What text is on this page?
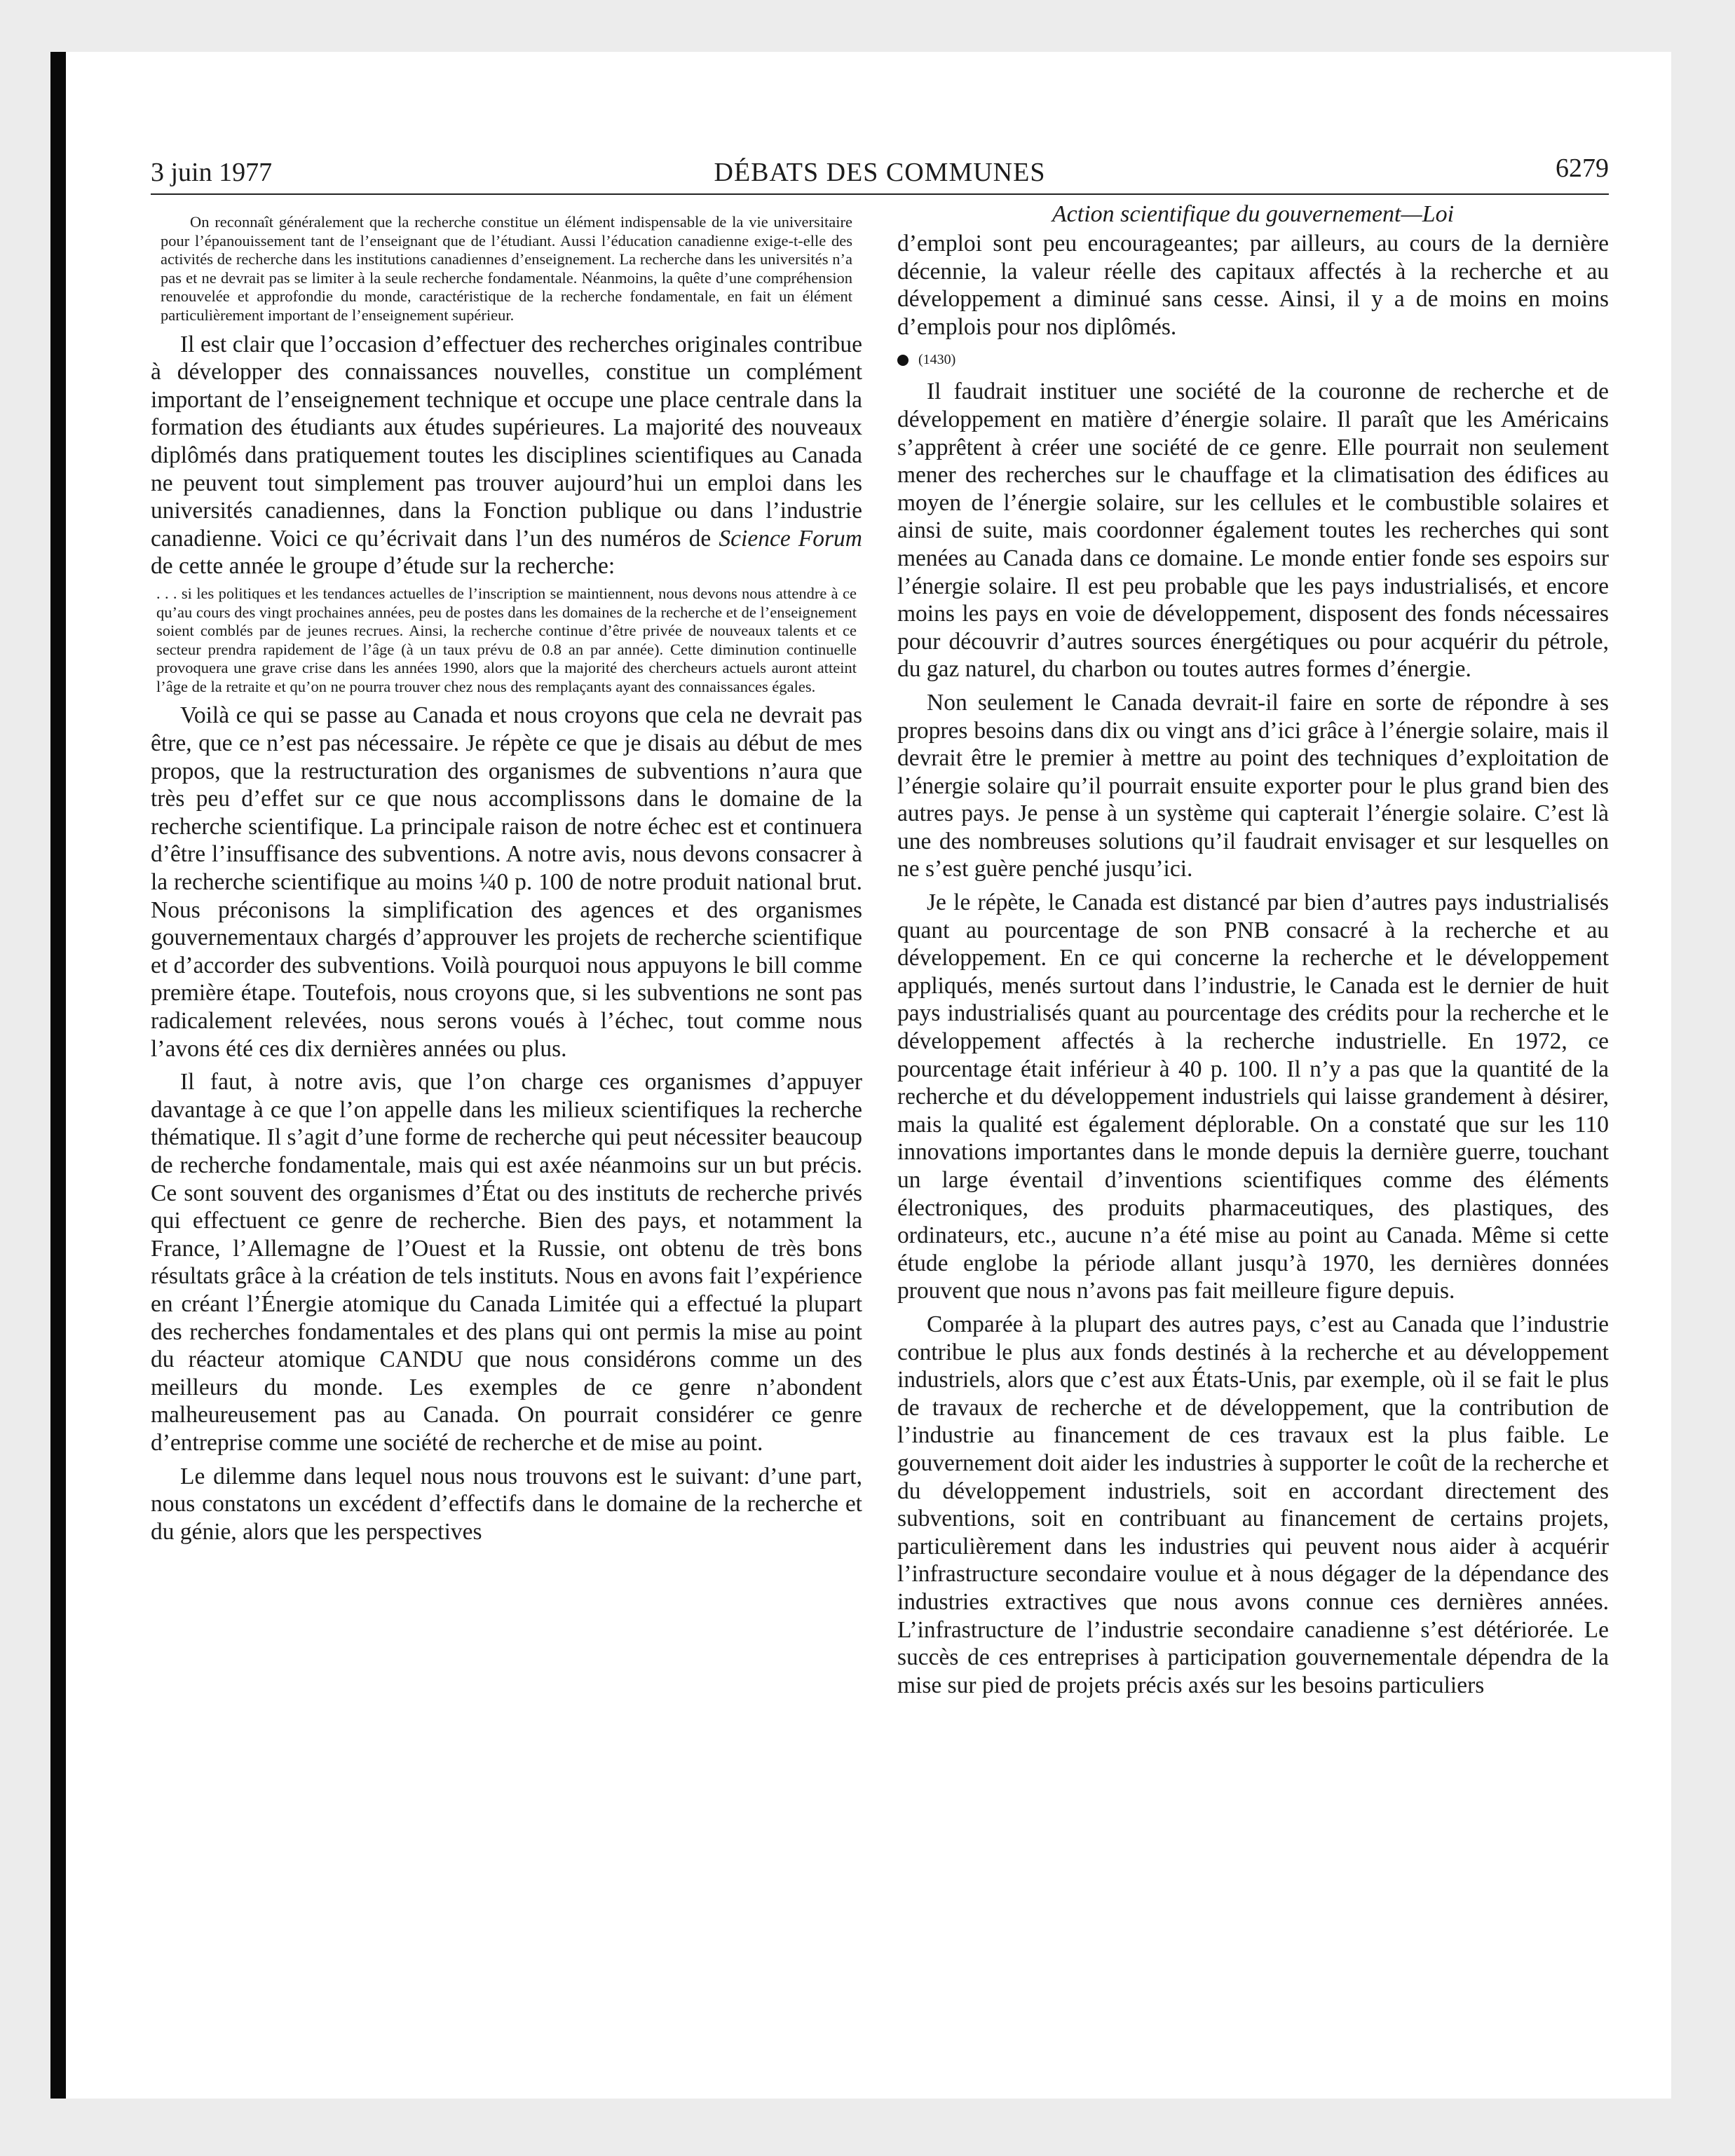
3 juin 1977	DÉBATS DES COMMUNES	6279

On reconnaît généralement que la recherche constitue un élément indispensable de la vie universitaire pour l’épanouissement tant de l’enseignant que de l’étudiant. Aussi l’éducation canadienne exige-t-elle des activités de recherche dans les institutions canadiennes d’enseignement. La recherche dans les universités n’a pas et ne devrait pas se limiter à la seule recherche fondamentale. Néanmoins, la quête d’une compréhension renouvelée et approfondie du monde, caractéristique de la recherche fondamentale, en fait un élément particulièrement important de l’enseignement supérieur.

Il est clair que l’occasion d’effectuer des recherches originales contribue à développer des connaissances nouvelles, constitue un complément important de l’enseignement technique et occupe une place centrale dans la formation des étudiants aux études supérieures. La majorité des nouveaux diplômés dans pratiquement toutes les disciplines scientifiques au Canada ne peuvent tout simplement pas trouver aujourd’hui un emploi dans les universités canadiennes, dans la Fonction publique ou dans l’industrie canadienne. Voici ce qu’écrivait dans l’un des numéros de Science Forum de cette année le groupe d’étude sur la recherche:

. . . si les politiques et les tendances actuelles de l’inscription se maintiennent, nous devons nous attendre à ce qu’au cours des vingt prochaines années, peu de postes dans les domaines de la recherche et de l’enseignement soient comblés par de jeunes recrues. Ainsi, la recherche continue d’être privée de nouveaux talents et ce secteur prendra rapidement de l’âge (à un taux prévu de 0.8 an par année). Cette diminution continuelle provoquera une grave crise dans les années 1990, alors que la majorité des chercheurs actuels auront atteint l’âge de la retraite et qu’on ne pourra trouver chez nous des remplaçants ayant des connaissances égales.

Voilà ce qui se passe au Canada et nous croyons que cela ne devrait pas être, que ce n’est pas nécessaire. Je répète ce que je disais au début de mes propos, que la restructuration des organismes de subventions n’aura que très peu d’effet sur ce que nous accomplissons dans le domaine de la recherche scientifique. La principale raison de notre échec est et continuera d’être l’insuffisance des subventions. A notre avis, nous devons consacrer à la recherche scientifique au moins ¼0 p. 100 de notre produit national brut. Nous préconisons la simplification des agences et des organismes gouvernementaux chargés d’approuver les projets de recherche scientifique et d’accorder des subventions. Voilà pourquoi nous appuyons le bill comme première étape. Toutefois, nous croyons que, si les subventions ne sont pas radicalement relevées, nous serons voués à l’échec, tout comme nous l’avons été ces dix dernières années ou plus.

Il faut, à notre avis, que l’on charge ces organismes d’appuyer davantage à ce que l’on appelle dans les milieux scientifiques la recherche thématique. Il s’agit d’une forme de recherche qui peut nécessiter beaucoup de recherche fondamentale, mais qui est axée néanmoins sur un but précis. Ce sont souvent des organismes d’État ou des instituts de recherche privés qui effectuent ce genre de recherche. Bien des pays, et notamment la France, l’Allemagne de l’Ouest et la Russie, ont obtenu de très bons résultats grâce à la création de tels instituts. Nous en avons fait l’expérience en créant l’Énergie atomique du Canada Limitée qui a effectué la plupart des recherches fondamentales et des plans qui ont permis la mise au point du réacteur atomique CANDU que nous considérons comme un des meilleurs du monde. Les exemples de ce genre n’abondent malheureusement pas au Canada. On pourrait considérer ce genre d’entreprise comme une société de recherche et de mise au point.

Le dilemme dans lequel nous nous trouvons est le suivant: d’une part, nous constatons un excédent d’effectifs dans le domaine de la recherche et du génie, alors que les perspectives

Action scientifique du gouvernement—Loi

d’emploi sont peu encourageantes; par ailleurs, au cours de la dernière décennie, la valeur réelle des capitaux affectés à la recherche et au développement a diminué sans cesse. Ainsi, il y a de moins en moins d’emplois pour nos diplômés.

(1430)

Il faudrait instituer une société de la couronne de recherche et de développement en matière d’énergie solaire. Il paraît que les Américains s’apprêtent à créer une société de ce genre. Elle pourrait non seulement mener des recherches sur le chauffage et la climatisation des édifices au moyen de l’énergie solaire, sur les cellules et le combustible solaires et ainsi de suite, mais coordonner également toutes les recherches qui sont menées au Canada dans ce domaine. Le monde entier fonde ses espoirs sur l’énergie solaire. Il est peu probable que les pays industrialisés, et encore moins les pays en voie de développement, disposent des fonds nécessaires pour découvrir d’autres sources énergétiques ou pour acquérir du pétrole, du gaz naturel, du charbon ou toutes autres formes d’énergie.

Non seulement le Canada devrait-il faire en sorte de répondre à ses propres besoins dans dix ou vingt ans d’ici grâce à l’énergie solaire, mais il devrait être le premier à mettre au point des techniques d’exploitation de l’énergie solaire qu’il pourrait ensuite exporter pour le plus grand bien des autres pays. Je pense à un système qui capterait l’énergie solaire. C’est là une des nombreuses solutions qu’il faudrait envisager et sur lesquelles on ne s’est guère penché jusqu’ici.

Je le répète, le Canada est distancé par bien d’autres pays industrialisés quant au pourcentage de son PNB consacré à la recherche et au développement. En ce qui concerne la recherche et le développement appliqués, menés surtout dans l’industrie, le Canada est le dernier de huit pays industrialisés quant au pourcentage des crédits pour la recherche et le développement affectés à la recherche industrielle. En 1972, ce pourcentage était inférieur à 40 p. 100. Il n’y a pas que la quantité de la recherche et du développement industriels qui laisse grandement à désirer, mais la qualité est également déplorable. On a constaté que sur les 110 innovations importantes dans le monde depuis la dernière guerre, touchant un large éventail d’inventions scientifiques comme des éléments électroniques, des produits pharmaceutiques, des plastiques, des ordinateurs, etc., aucune n’a été mise au point au Canada. Même si cette étude englobe la période allant jusqu’à 1970, les dernières données prouvent que nous n’avons pas fait meilleure figure depuis.

Comparée à la plupart des autres pays, c’est au Canada que l’industrie contribue le plus aux fonds destinés à la recherche et au développement industriels, alors que c’est aux États-Unis, par exemple, où il se fait le plus de travaux de recherche et de développement, que la contribution de l’industrie au financement de ces travaux est la plus faible. Le gouvernement doit aider les industries à supporter le coût de la recherche et du développement industriels, soit en accordant directement des subventions, soit en contribuant au financement de certains projets, particulièrement dans les industries qui peuvent nous aider à acquérir l’infrastructure secondaire voulue et à nous dégager de la dépendance des industries extractives que nous avons connue ces dernières années. L’infrastructure de l’industrie secondaire canadienne s’est détériorée. Le succès de ces entreprises à participation gouvernementale dépendra de la mise sur pied de projets précis axés sur les besoins particuliers
